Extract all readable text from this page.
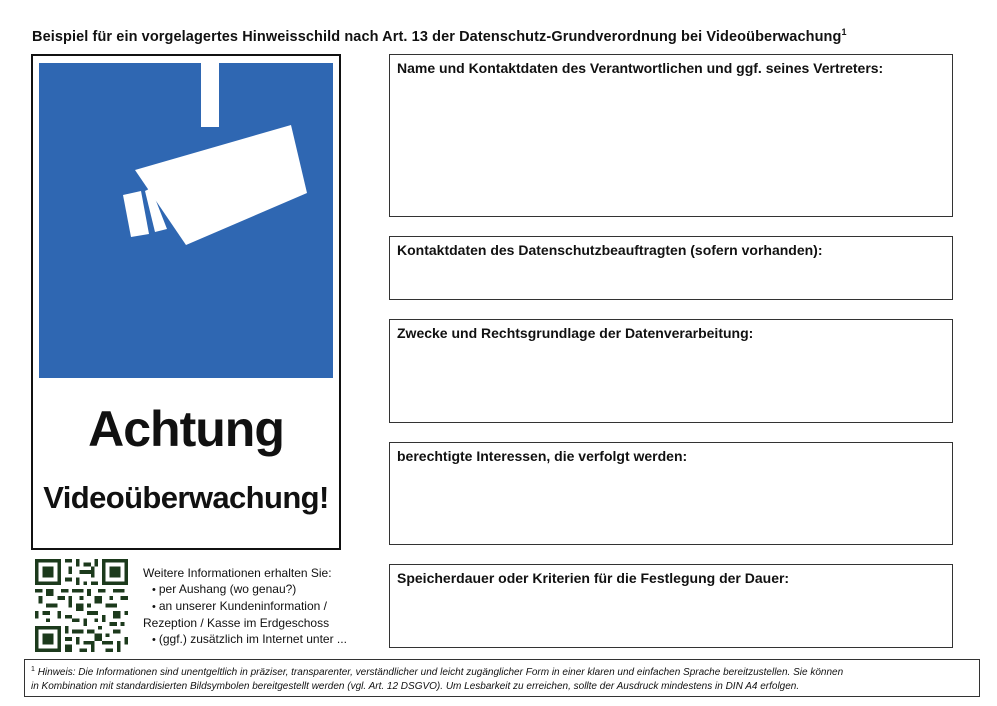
Beispiel für ein vorgelagertes Hinweisschild nach Art. 13 der Datenschutz-Grundverordnung bei Videoüberwachung$^1$
Achtung
Videoüberwachung!
Weitere Informationen erhalten Sie:
• per Aushang (wo genau?)
• an unserer Kundeninformation /
Rezeption / Kasse im Erdgeschoss
• (ggf.) zusätzlich im Internet unter ...
Name und Kontaktdaten des Verantwortlichen und ggf. seines Vertreters:
Kontaktdaten des Datenschutzbeauftragten (sofern vorhanden):
Zwecke und Rechtsgrundlage der Datenverarbeitung:
berechtigte Interessen, die verfolgt werden:
Speicherdauer oder Kriterien für die Festlegung der Dauer:
$^1$ Hinweis: Die Informationen sind unentgeltlich in präziser, transparenter, verständlicher und leicht zugänglicher Form in einer klaren und einfachen Sprache bereitzustellen. Sie können
in Kombination mit standardisierten Bildsymbolen bereitgestellt werden (vgl. Art. 12 DSGVO). Um Lesbarkeit zu erreichen, sollte der Ausdruck mindestens in DIN A4 erfolgen.
